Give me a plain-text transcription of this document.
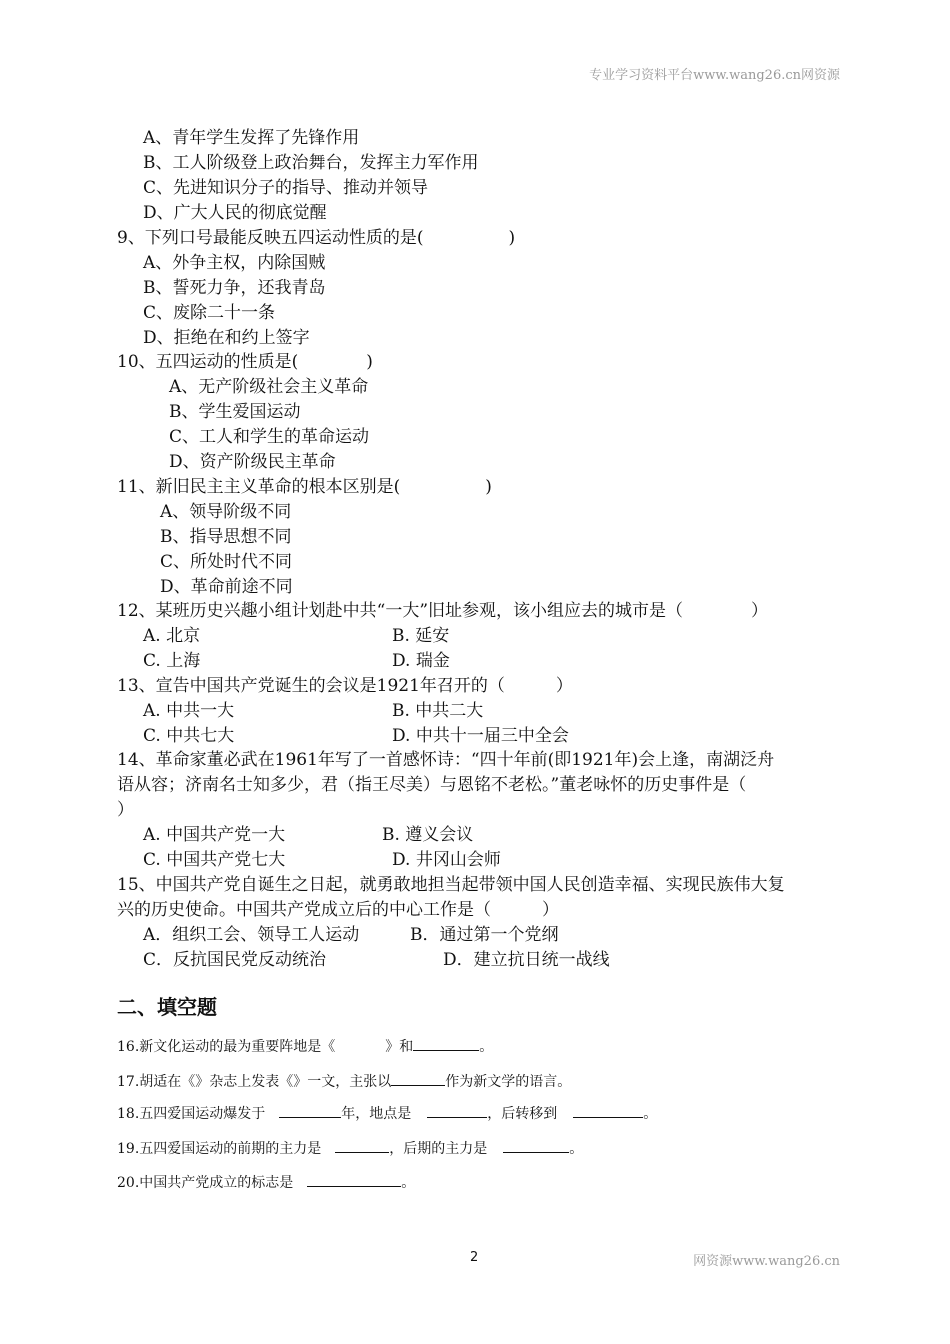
专业学习资料平台www.wang26.cn网资源
A、青年学生发挥了先锋作用
B、工人阶级登上政治舞台，发挥主力军作用
C、先进知识分子的指导、推动并领导
D、广大人民的彻底觉醒
9、下列口号最能反映五四运动性质的是(　　　　　)
A、外争主权，内除国贼
B、誓死力争，还我青岛
C、废除二十一条
D、拒绝在和约上签字
10、五四运动的性质是(　　　　)
A、无产阶级社会主义革命
B、学生爱国运动
C、工人和学生的革命运动
D、资产阶级民主革命
11、新旧民主主义革命的根本区别是(　　　　　)
A、领导阶级不同
B、指导思想不同
C、所处时代不同
D、革命前途不同
12、某班历史兴趣小组计划赴中共“一大”旧址参观，该小组应去的城市是（　　　　）
A. 北京	B. 延安
C. 上海	D. 瑞金
13、宣告中国共产党诞生的会议是1921年召开的（　　　）
A. 中共一大	B. 中共二大
C. 中共七大	D. 中共十一届三中全会
14、革命家董必武在1961年写了一首感怀诗：“四十年前(即1921年)会上逢，南湖泛舟
语从容；济南名士知多少，君（指王尽美）与恩铭不老松。”董老咏怀的历史事件是（
）
A. 中国共产党一大	B. 遵义会议
C. 中国共产党七大	D. 井冈山会师
15、中国共产党自诞生之日起，就勇敢地担当起带领中国人民创造幸福、实现民族伟大复
兴的历史使命。中国共产党成立后的中心工作是（　　　）
A．组织工会、领导工人运动	B．通过第一个党纲
C．反抗国民党反动统治	D．建立抗日统一战线
二、填空题
16.新文化运动的最为重要阵地是《	》和	。
17.胡适在《》杂志上发表《》一文，主张以	作为新文学的语言。
18.五四爱国运动爆发于	年，地点是	，后转移到	。
19.五四爱国运动的前期的主力是	，后期的主力是	。
20.中国共产党成立的标志是	。
2	网资源www.wang26.cn
